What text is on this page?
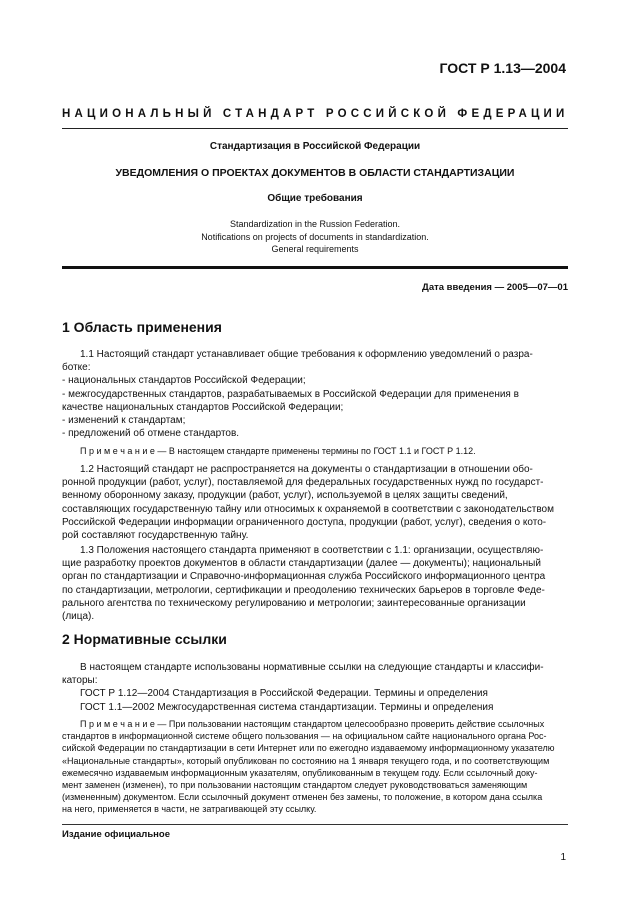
ГОСТ Р 1.13—2004
НАЦИОНАЛЬНЫЙ СТАНДАРТ РОССИЙСКОЙ ФЕДЕРАЦИИ
Стандартизация в Российской Федерации
УВЕДОМЛЕНИЯ О ПРОЕКТАХ ДОКУМЕНТОВ В ОБЛАСТИ СТАНДАРТИЗАЦИИ
Общие требования
Standardization in the Russion Federation.
Notifications on projects of documents in standardization.
General requirements
Дата введения — 2005—07—01
1 Область применения
1.1 Настоящий стандарт устанавливает общие требования к оформлению уведомлений о разра-
ботке:
- национальных стандартов Российской Федерации;
- межгосударственных стандартов, разрабатываемых в Российской Федерации для применения в
качестве национальных стандартов Российской Федерации;
- изменений к стандартам;
- предложений об отмене стандартов.
П р и м е ч а н и е — В настоящем стандарте применены термины по ГОСТ 1.1 и ГОСТ Р 1.12.
1.2 Настоящий стандарт не распространяется на документы о стандартизации в отношении обо-
ронной продукции (работ, услуг), поставляемой для федеральных государственных нужд по государст-
венному оборонному заказу, продукции (работ, услуг), используемой в целях защиты сведений,
составляющих государственную тайну или относимых к охраняемой в соответствии с законодательством
Российской Федерации информации ограниченного доступа, продукции (работ, услуг), сведения о кото-
рой составляют государственную тайну.
1.3 Положения настоящего стандарта применяют в соответствии с 1.1: организации, осуществляю-
щие разработку проектов документов в области стандартизации (далее — документы); национальный
орган по стандартизации и Справочно-информационная служба Российского информационного центра
по стандартизации, метрологии, сертификации и преодолению технических барьеров в торговле Феде-
рального агентства по техническому регулированию и метрологии; заинтересованные организации
(лица).
2 Нормативные ссылки
В настоящем стандарте использованы нормативные ссылки на следующие стандарты и классифи-
каторы:
ГОСТ Р 1.12—2004 Стандартизация в Российской Федерации. Термины и определения
ГОСТ 1.1—2002 Межгосударственная система стандартизации. Термины и определения
П р и м е ч а н и е — При пользовании настоящим стандартом целесообразно проверить действие ссылочных
стандартов в информационной системе общего пользования — на официальном сайте национального органа Рос-
сийской Федерации по стандартизации в сети Интернет или по ежегодно издаваемому информационному указателю
«Национальные стандарты», который опубликован по состоянию на 1 января текущего года, и по соответствующим
ежемесячно издаваемым информационным указателям, опубликованным в текущем году. Если ссылочный доку-
мент заменен (изменен), то при пользовании настоящим стандартом следует руководствоваться заменяющим
(измененным) документом. Если ссылочный документ отменен без замены, то положение, в котором дана ссылка
на него, применяется в части, не затрагивающей эту ссылку.
Издание официальное
1
